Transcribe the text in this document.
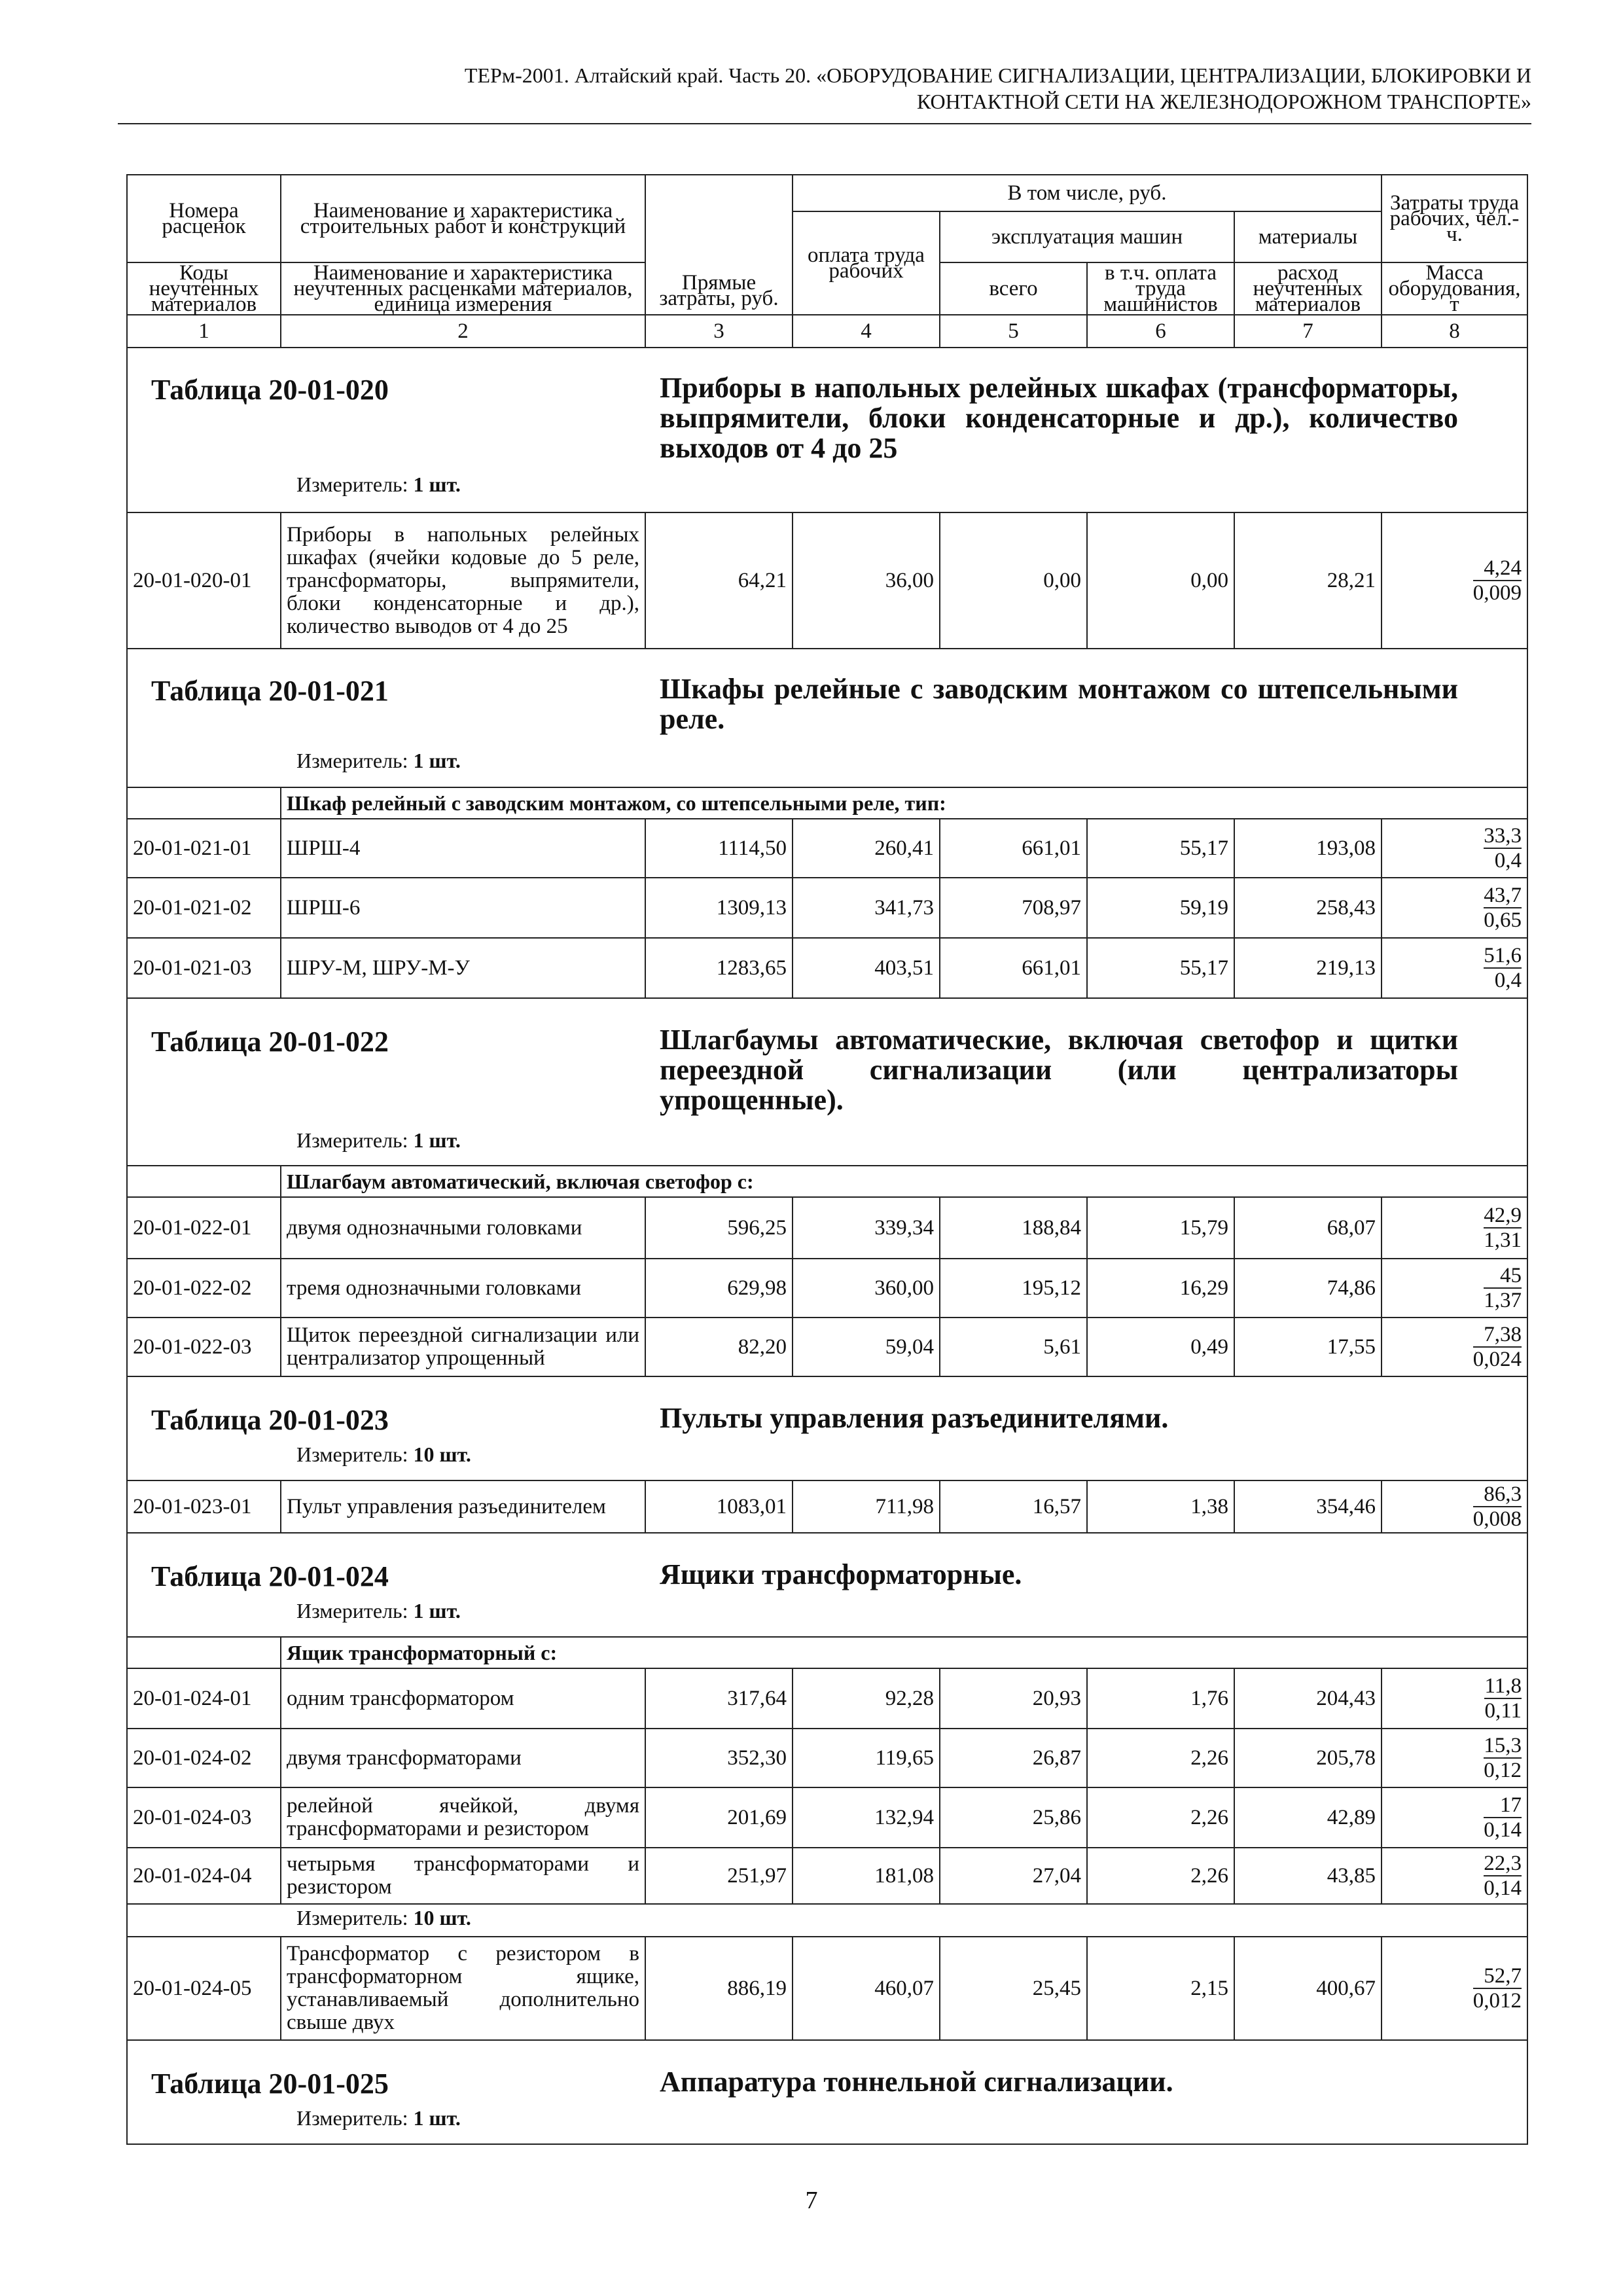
ТЕРм-2001. Алтайский край. Часть 20. «ОБОРУДОВАНИЕ СИГНАЛИЗАЦИИ, ЦЕНТРАЛИЗАЦИИ, БЛОКИРОВКИ И
КОНТАКТНОЙ СЕТИ НА ЖЕЛЕЗНОДОРОЖНОМ ТРАНСПОРТЕ»
Номера расценок	Наименование и характеристика строительных работ и конструкций	Прямые затраты, руб.	В том числе, руб.				Затраты труда рабочих, чел.-ч.
			оплата труда рабочих	эксплуатация машин		материалы	
Коды неучтенных материалов	Наименование и характеристика неучтенных расценками материалов, единица измерения			всего	в т.ч. оплата труда машинистов	расход неучтенных материалов	Масса оборудования, т
1	2	3	4	5	6	7	8

Таблица 20-01-020 Приборы в напольных релейных шкафах (трансформаторы, выпрямители, блоки конденсаторные и др.), количество выходов от 4 до 25
Измеритель: 1 шт.							

20-01-020-01	Приборы в напольных релейных шкафах (ячейки кодовые до 5 реле, трансформаторы, выпрямители, блоки конденсаторные и др.), количество выводов от 4 до 25	64,21	36,00	0,00	0,00	28,21	$\frac{4,24}{0,009}$

Таблица 20-01-021 Шкафы релейные с заводским монтажом со штепсельными реле.
Измеритель: 1 шт.							

	Шкаф релейный с заводским монтажом, со штепсельными реле, тип:						
20-01-021-01	ШРШ-4	1114,50	260,41	661,01	55,17	193,08	$\frac{33,3}{0,4}$

20-01-021-02	ШРШ-6	1309,13	341,73	708,97	59,19	258,43	$\frac{43,7}{0,65}$

20-01-021-03	ШРУ-М, ШРУ-М-У	1283,65	403,51	661,01	55,17	219,13	$\frac{51,6}{0,4}$

Таблица 20-01-022 Шлагбаумы автоматические, включая светофор и щитки переездной сигнализации (или централизаторы упрощенные).
Измеритель: 1 шт.							

	Шлагбаум автоматический, включая светофор с:						
20-01-022-01	двумя однозначными головками	596,25	339,34	188,84	15,79	68,07	$\frac{42,9}{1,31}$

20-01-022-02	тремя однозначными головками	629,98	360,00	195,12	16,29	74,86	$\frac{45}{1,37}$

20-01-022-03	Щиток переездной сигнализации или централизатор упрощенный	82,20	59,04	5,61	0,49	17,55	$\frac{7,38}{0,024}$

Таблица 20-01-023 Пульты управления разъединителями.
Измеритель: 10 шт.							

20-01-023-01	Пульт управления разъединителем	1083,01	711,98	16,57	1,38	354,46	$\frac{86,3}{0,008}$

Таблица 20-01-024 Ящики трансформаторные.
Измеритель: 1 шт.							

	Ящик трансформаторный с:						
20-01-024-01	одним трансформатором	317,64	92,28	20,93	1,76	204,43	$\frac{11,8}{0,11}$

20-01-024-02	двумя трансформаторами	352,30	119,65	26,87	2,26	205,78	$\frac{15,3}{0,12}$

20-01-024-03	релейной ячейкой, двумя трансформаторами и резистором	201,69	132,94	25,86	2,26	42,89	$\frac{17}{0,14}$

20-01-024-04	четырьмя трансформаторами и резистором	251,97	181,08	27,04	2,26	43,85	$\frac{22,3}{0,14}$

Измеритель: 10 шт.							

20-01-024-05	Трансформатор с резистором в трансформаторном ящике, устанавливаемый дополнительно свыше двух	886,19	460,07	25,45	2,15	400,67	$\frac{52,7}{0,012}$

Таблица 20-01-025 Аппаратура тоннельной сигнализации.
Измеритель: 1 шт.							
7
